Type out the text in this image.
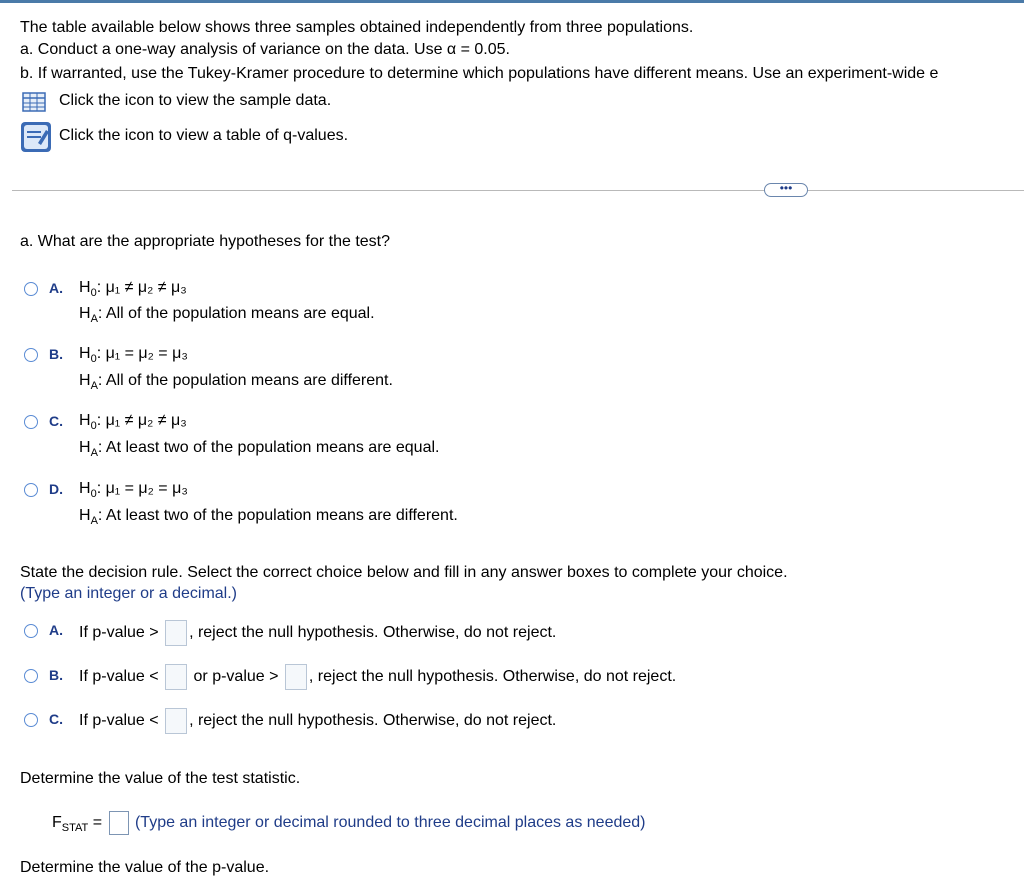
The table available below shows three samples obtained independently from three populations.
a. Conduct a one-way analysis of variance on the data. Use α = 0.05.
b. If warranted, use the Tukey-Kramer procedure to determine which populations have different means. Use an experiment-wide e
Click the icon to view the sample data.
Click the icon to view a table of q-values.
•••
a. What are the appropriate hypotheses for the test?
A. $H_0$: μ₁ ≠ μ₂ ≠ μ₃
$H_A$: All of the population means are equal.
B. $H_0$: μ₁ = μ₂ = μ₃
$H_A$: All of the population means are different.
C. $H_0$: μ₁ ≠ μ₂ ≠ μ₃
$H_A$: At least two of the population means are equal.
D. $H_0$: μ₁ = μ₂ = μ₃
$H_A$: At least two of the population means are different.
State the decision rule. Select the correct choice below and fill in any answer boxes to complete your choice.
(Type an integer or a decimal.)
A. If p-value > , reject the null hypothesis. Otherwise, do not reject.
B. If p-value < or p-value > , reject the null hypothesis. Otherwise, do not reject.
C. If p-value < , reject the null hypothesis. Otherwise, do not reject.
Determine the value of the test statistic.
$F_{STAT}$ = (Type an integer or decimal rounded to three decimal places as needed)
Determine the value of the p-value.
